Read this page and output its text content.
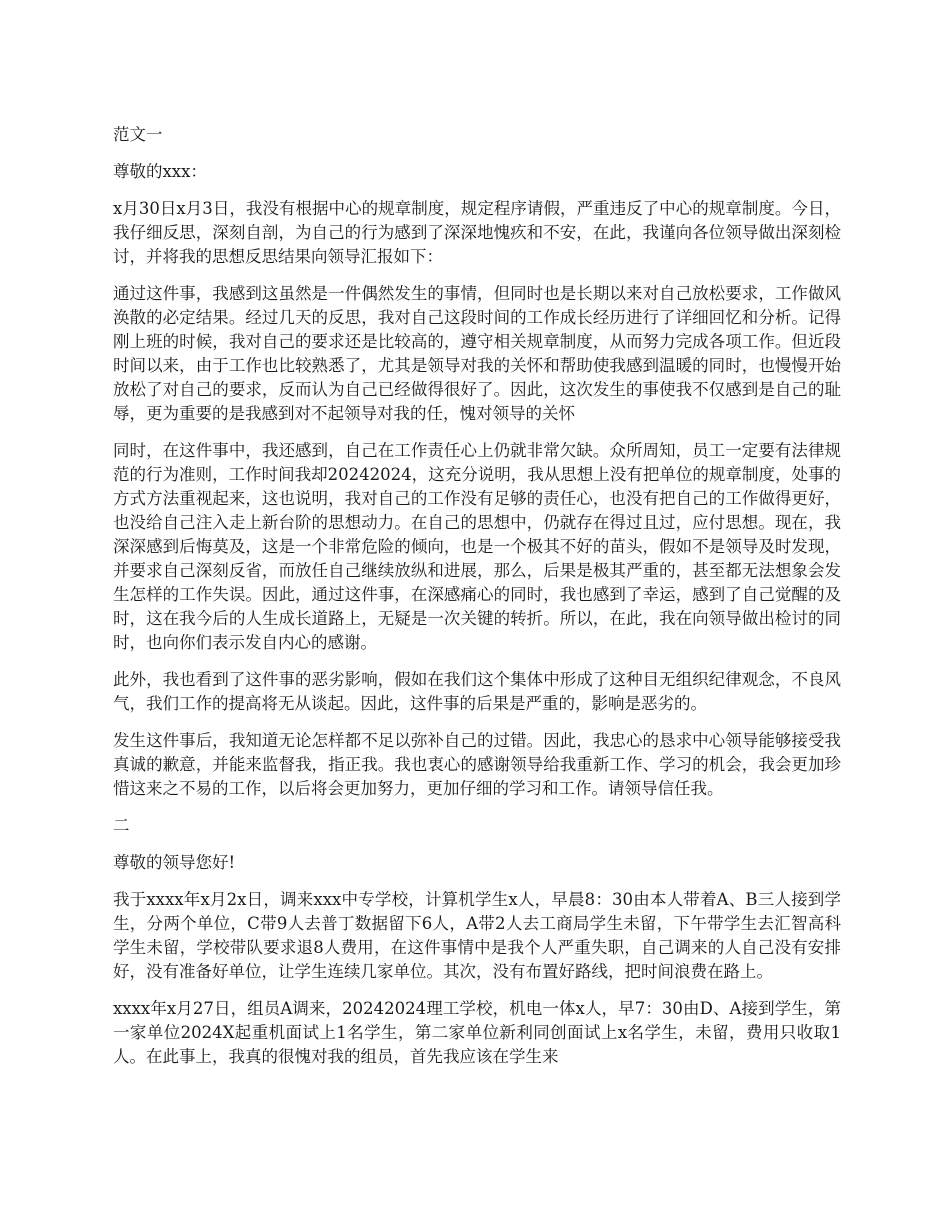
范文一

尊敬的xxx：

x月30日x月3日，我没有根据中心的规章制度，规定程序请假，严重违反了中心的规章制度。今日，我仔细反思，深刻自剖，为自己的行为感到了深深地愧疚和不安，在此，我谨向各位领导做出深刻检讨，并将我的思想反思结果向领导汇报如下：

通过这件事，我感到这虽然是一件偶然发生的事情，但同时也是长期以来对自己放松要求，工作做风涣散的必定结果。经过几天的反思，我对自己这段时间的工作成长经历进行了详细回忆和分析。记得刚上班的时候，我对自己的要求还是比较高的，遵守相关规章制度，从而努力完成各项工作。但近段时间以来，由于工作也比较熟悉了，尤其是领导对我的关怀和帮助使我感到温暖的同时，也慢慢开始放松了对自己的要求，反而认为自己已经做得很好了。因此，这次发生的事使我不仅感到是自己的耻辱，更为重要的是我感到对不起领导对我的任，愧对领导的关怀

同时，在这件事中，我还感到，自己在工作责任心上仍就非常欠缺。众所周知，员工一定要有法律规范的行为准则，工作时间我却20242024，这充分说明，我从思想上没有把单位的规章制度，处事的方式方法重视起来，这也说明，我对自己的工作没有足够的责任心，也没有把自己的工作做得更好，也没给自己注入走上新台阶的思想动力。在自己的思想中，仍就存在得过且过，应付思想。现在，我深深感到后悔莫及，这是一个非常危险的倾向，也是一个极其不好的苗头，假如不是领导及时发现，并要求自己深刻反省，而放任自己继续放纵和进展，那么，后果是极其严重的，甚至都无法想象会发生怎样的工作失误。因此，通过这件事，在深感痛心的同时，我也感到了幸运，感到了自己觉醒的及时，这在我今后的人生成长道路上，无疑是一次关键的转折。所以，在此，我在向领导做出检讨的同时，也向你们表示发自内心的感谢。

此外，我也看到了这件事的恶劣影响，假如在我们这个集体中形成了这种目无组织纪律观念，不良风气，我们工作的提高将无从谈起。因此，这件事的后果是严重的，影响是恶劣的。

发生这件事后，我知道无论怎样都不足以弥补自己的过错。因此，我忠心的恳求中心领导能够接受我真诚的歉意，并能来监督我，指正我。我也衷心的感谢领导给我重新工作、学习的机会，我会更加珍惜这来之不易的工作，以后将会更加努力，更加仔细的学习和工作。请领导信任我。

二

尊敬的领导您好!

我于xxxx年x月2x日，调来xxx中专学校，计算机学生x人，早晨8：30由本人带着A、B三人接到学生，分两个单位，C带9人去普丁数据留下6人，A带2人去工商局学生未留，下午带学生去汇智高科学生未留，学校带队要求退8人费用，在这件事情中是我个人严重失职，自己调来的人自己没有安排好，没有准备好单位，让学生连续几家单位。其次，没有布置好路线，把时间浪费在路上。

xxxx年x月27日，组员A调来，20242024理工学校，机电一体x人，早7：30由D、A接到学生，第一家单位2024X起重机面试上1名学生，第二家单位新利同创面试上x名学生，未留，费用只收取1人。在此事上，我真的很愧对我的组员，首先我应该在学生来
